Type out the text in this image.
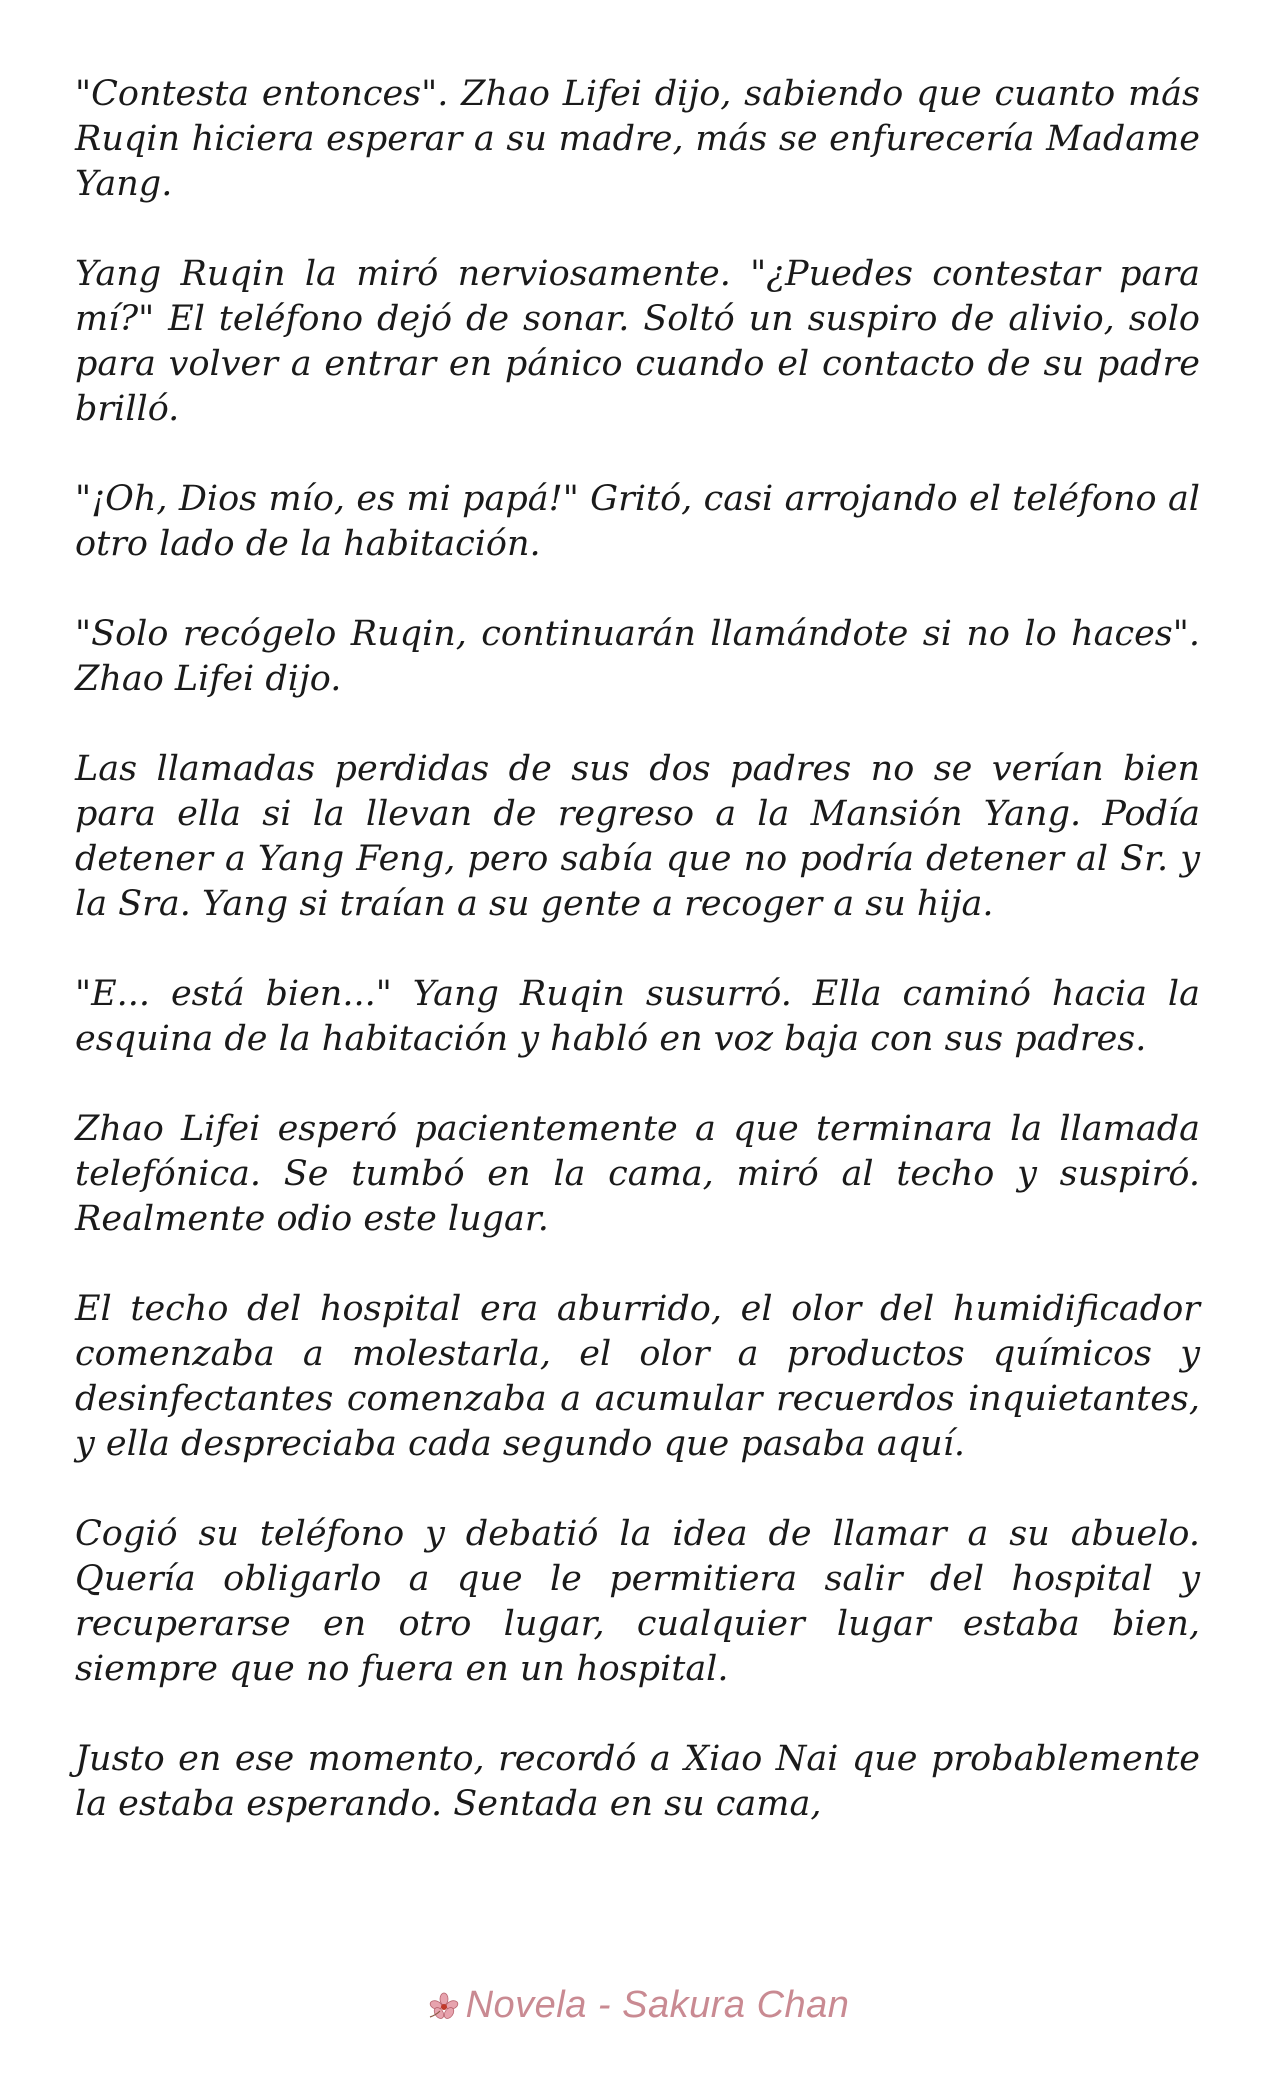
"Contesta entonces". Zhao Lifei dijo, sabiendo que cuanto más Ruqin hiciera esperar a su madre, más se enfurecería Madame Yang.

Yang Ruqin la miró nerviosamente. "¿Puedes contestar para mí?" El teléfono dejó de sonar. Soltó un suspiro de alivio, solo para volver a entrar en pánico cuando el contacto de su padre brilló.

"¡Oh, Dios mío, es mi papá!" Gritó, casi arrojando el teléfono al otro lado de la habitación.

"Solo recógelo Ruqin, continuarán llamándote si no lo haces". Zhao Lifei dijo.

Las llamadas perdidas de sus dos padres no se verían bien para ella si la llevan de regreso a la Mansión Yang. Podía detener a Yang Feng, pero sabía que no podría detener al Sr. y la Sra. Yang si traían a su gente a recoger a su hija.

"E... está bien..." Yang Ruqin susurró. Ella caminó hacia la esquina de la habitación y habló en voz baja con sus padres.

Zhao Lifei esperó pacientemente a que terminara la llamada telefónica. Se tumbó en la cama, miró al techo y suspiró. Realmente odio este lugar.

El techo del hospital era aburrido, el olor del humidificador comenzaba a molestarla, el olor a productos químicos y desinfectantes comenzaba a acumular recuerdos inquietantes, y ella despreciaba cada segundo que pasaba aquí.

Cogió su teléfono y debatió la idea de llamar a su abuelo. Quería obligarlo a que le permitiera salir del hospital y recuperarse en otro lugar, cualquier lugar estaba bien, siempre que no fuera en un hospital.

Justo en ese momento, recordó a Xiao Nai que probablemente la estaba esperando. Sentada en su cama,

Novela - Sakura Chan
